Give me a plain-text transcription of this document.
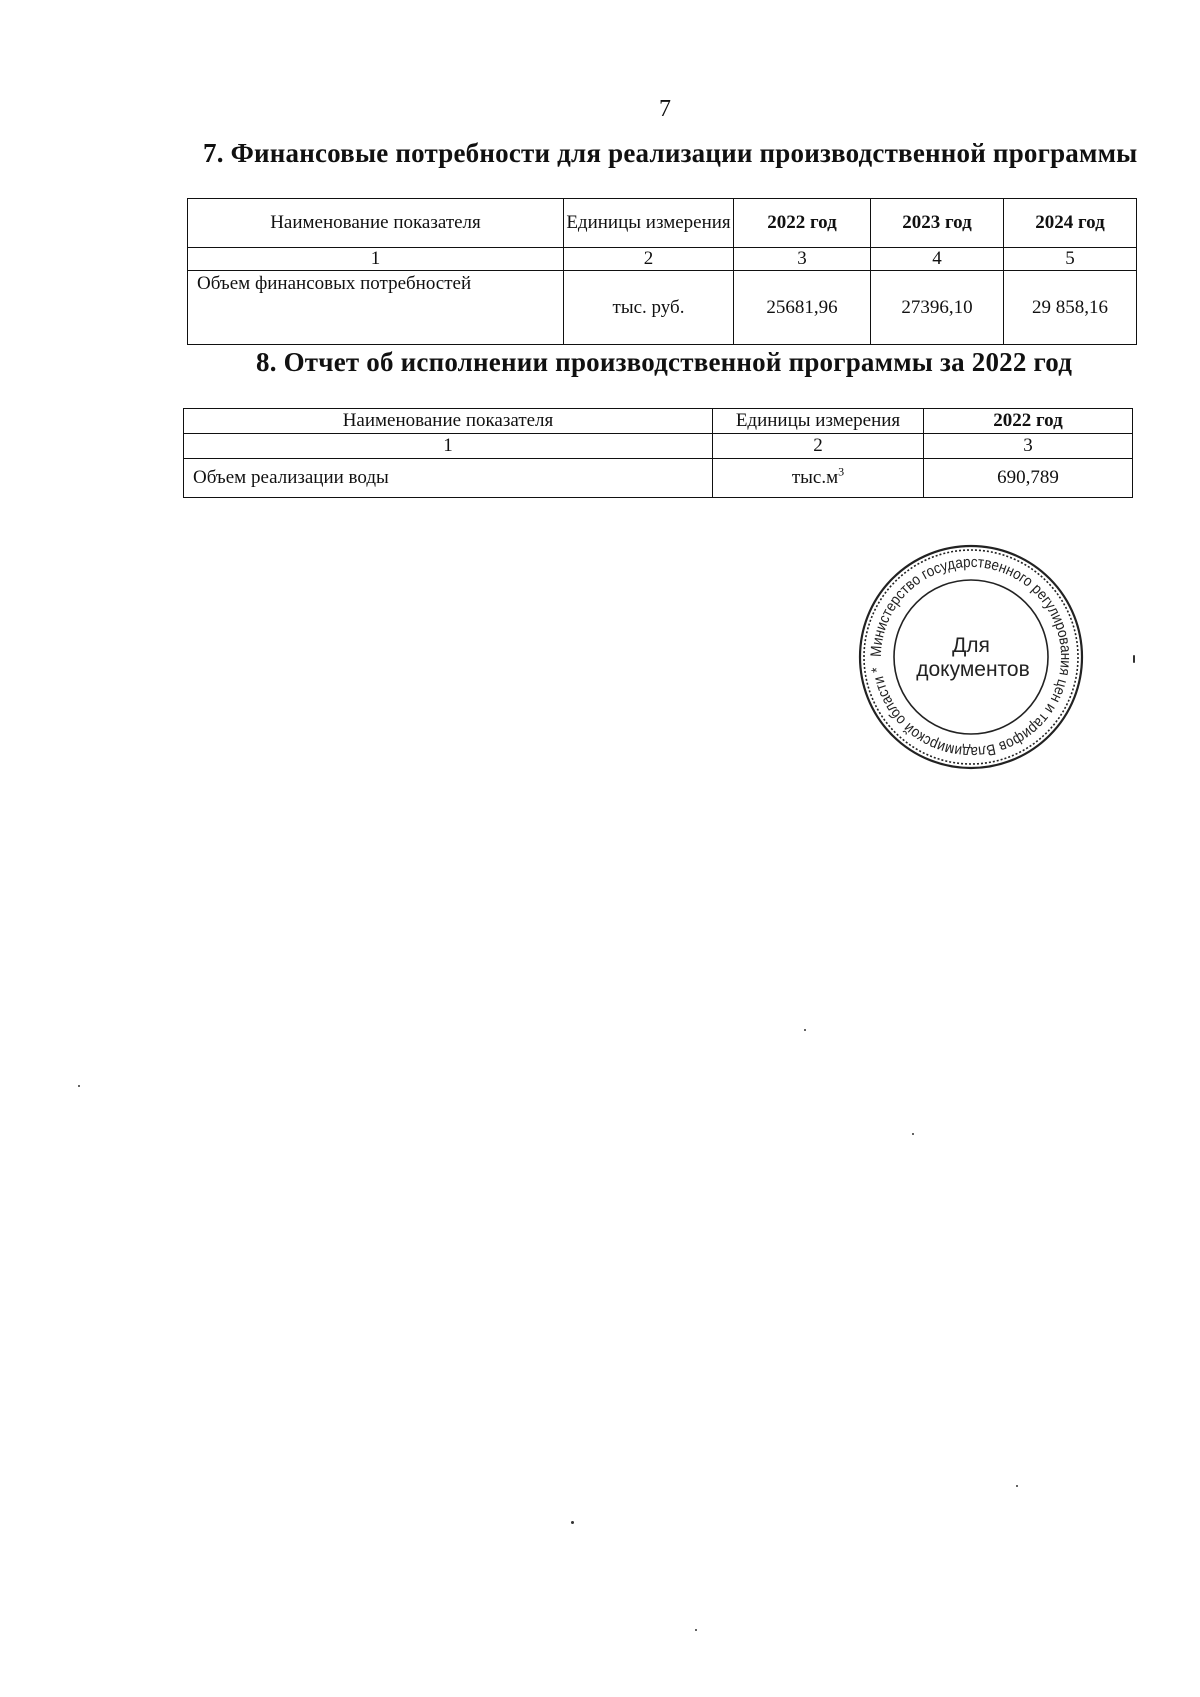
7
7. Финансовые потребности для реализации производственной программы
Наименование показателя	Единицы измерения	2022 год	2023 год	2024 год
1	2	3	4	5
Объем финансовых потребностей	тыс. руб.	25681,96	27396,10	29 858,16
8. Отчет об исполнении производственной программы за 2022 год
Наименование показателя	Единицы измерения	2022 год
1	2	3
Объем реализации воды	$тыс.м^3$	690,789
Министерство государственного регулирования цен и тарифов Владимирской области *
Для
документов
